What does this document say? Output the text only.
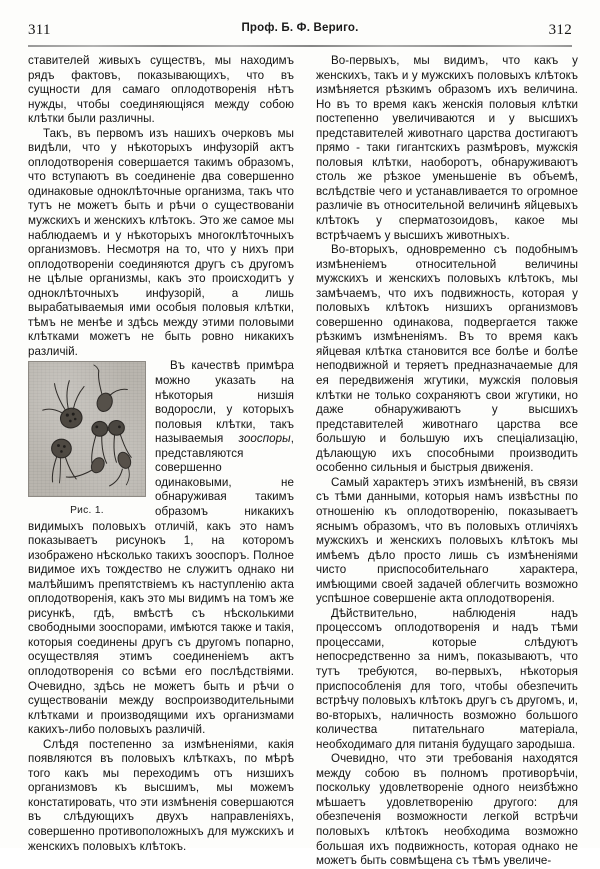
311	Проф. Б. Ф. Вериго.	312

ставителей живыхъ существъ, мы находимъ рядъ фактовъ, показывающихъ, что въ сущности для самаго оплодотворенія нѣтъ нужды, чтобы соединяющіяся между собою клѣтки были различны.

Такъ, въ первомъ изъ нашихъ очерковъ мы видѣли, что у нѣкоторыхъ инфузорій актъ оплодотворенія совершается такимъ образомъ, что вступаютъ въ соединеніе два совершенно одинаковые одноклѣточные организма, такъ что тутъ не можетъ быть и рѣчи о существованіи мужскихъ и женскихъ клѣтокъ. Это же самое мы наблюдаемъ и у нѣкоторыхъ многоклѣточныхъ организмовъ. Несмотря на то, что у нихъ при оплодотвореніи соединяются другъ съ другомъ не цѣлые организмы, какъ это происходитъ у одноклѣточныхъ инфузорій, а лишь вырабатываемыя ими особыя половыя клѣтки, тѣмъ не менѣе и здѣсь между этими половыми клѣтками можетъ не быть ровно никакихъ различій.

Рис. 1.

Въ качествѣ примѣра можно указать на нѣкоторыя низшія водоросли, у которыхъ половыя клѣтки, такъ называемыя зооспоры, представляются совершенно одинаковыми, не обнаруживая такимъ образомъ никакихъ видимыхъ половыхъ отличій, какъ это намъ показываетъ рисунокъ 1, на которомъ изображено нѣсколько такихъ зооспоръ. Полное видимое ихъ тождество не служитъ однако ни малѣйшимъ препятствіемъ къ наступленію акта оплодотворенія, какъ это мы видимъ на томъ же рисункѣ, гдѣ, вмѣстѣ съ нѣсколькими свободными зооспорами, имѣются также и такія, которыя соединены другъ съ другомъ попарно, осуществляя этимъ соединеніемъ актъ оплодотворенія со всѣми его послѣдствіями. Очевидно, здѣсь не можетъ быть и рѣчи о существованіи между воспроизводительными клѣтками и производящими ихъ организмами какихъ-либо половыхъ различій.

Слѣдя постепенно за измѣненіями, какія появляются въ половыхъ клѣткахъ, по мѣрѣ того какъ мы переходимъ отъ низшихъ организмовъ къ высшимъ, мы можемъ констатировать, что эти измѣненія совершаются въ слѣдующихъ двухъ направленіяхъ, совершенно противоположныхъ для мужскихъ и женскихъ половыхъ клѣтокъ.

Во-первыхъ, мы видимъ, что какъ у женскихъ, такъ и у мужскихъ половыхъ клѣтокъ измѣняется рѣзкимъ образомъ ихъ величина. Но въ то время какъ женскія половыя клѣтки постепенно увеличиваются и у высшихъ представителей животнаго царства достигаютъ прямо - таки гигантскихъ размѣровъ, мужскія половыя клѣтки, наоборотъ, обнаруживаютъ столь же рѣзкое уменьшеніе въ объемѣ, вслѣдствіе чего и устанавливается то огромное различіе въ относительной величинѣ яйцевыхъ клѣтокъ у сперматозоидовъ, какое мы встрѣчаемъ у высшихъ животныхъ.

Во-вторыхъ, одновременно съ подобнымъ измѣненіемъ относительной величины мужскихъ и женскихъ половыхъ клѣтокъ, мы замѣчаемъ, что ихъ подвижность, которая у половыхъ клѣтокъ низшихъ организмовъ совершенно одинакова, подвергается также рѣзкимъ измѣненіямъ. Въ то время какъ яйцевая клѣтка становится все болѣе и болѣе неподвижной и теряетъ предназначаемые для ея передвиженія жгутики, мужскія половыя клѣтки не только сохраняютъ свои жгутики, но даже обнаруживаютъ у высшихъ представителей животнаго царства все большую и большую ихъ спеціализацію, дѣлающую ихъ способными производить особенно сильныя и быстрыя движенія.

Самый характеръ этихъ измѣненій, въ связи съ тѣми данными, которыя намъ извѣстны по отношенію къ оплодотворенію, показываетъ яснымъ образомъ, что въ половыхъ отличіяхъ мужскихъ и женскихъ половыхъ клѣтокъ мы имѣемъ дѣло просто лишь съ измѣненіями чисто приспособительнаго характера, имѣющими своей задачей облегчить возможно успѣшное совершеніе акта оплодотворенія.

Дѣйствительно, наблюденія надъ процессомъ оплодотворенія и надъ тѣми процессами, которые слѣдуютъ непосредственно за нимъ, показываютъ, что тутъ требуются, во-первыхъ, нѣкоторыя приспособленія для того, чтобы обезпечить встрѣчу половыхъ клѣтокъ другъ съ другомъ, и, во-вторыхъ, наличность возможно большого количества питательнаго матеріала, необходимаго для питанія будущаго зародыша.

Очевидно, что эти требованія находятся между собою въ полномъ противорѣчіи, поскольку удовлетвореніе одного неизбѣжно мѣшаетъ удовлетворенію другого: для обезпеченія возможности легкой встрѣчи половыхъ клѣтокъ необходима возможно большая ихъ подвижность, которая однако не можетъ быть совмѣщена съ тѣмъ увеличе-
